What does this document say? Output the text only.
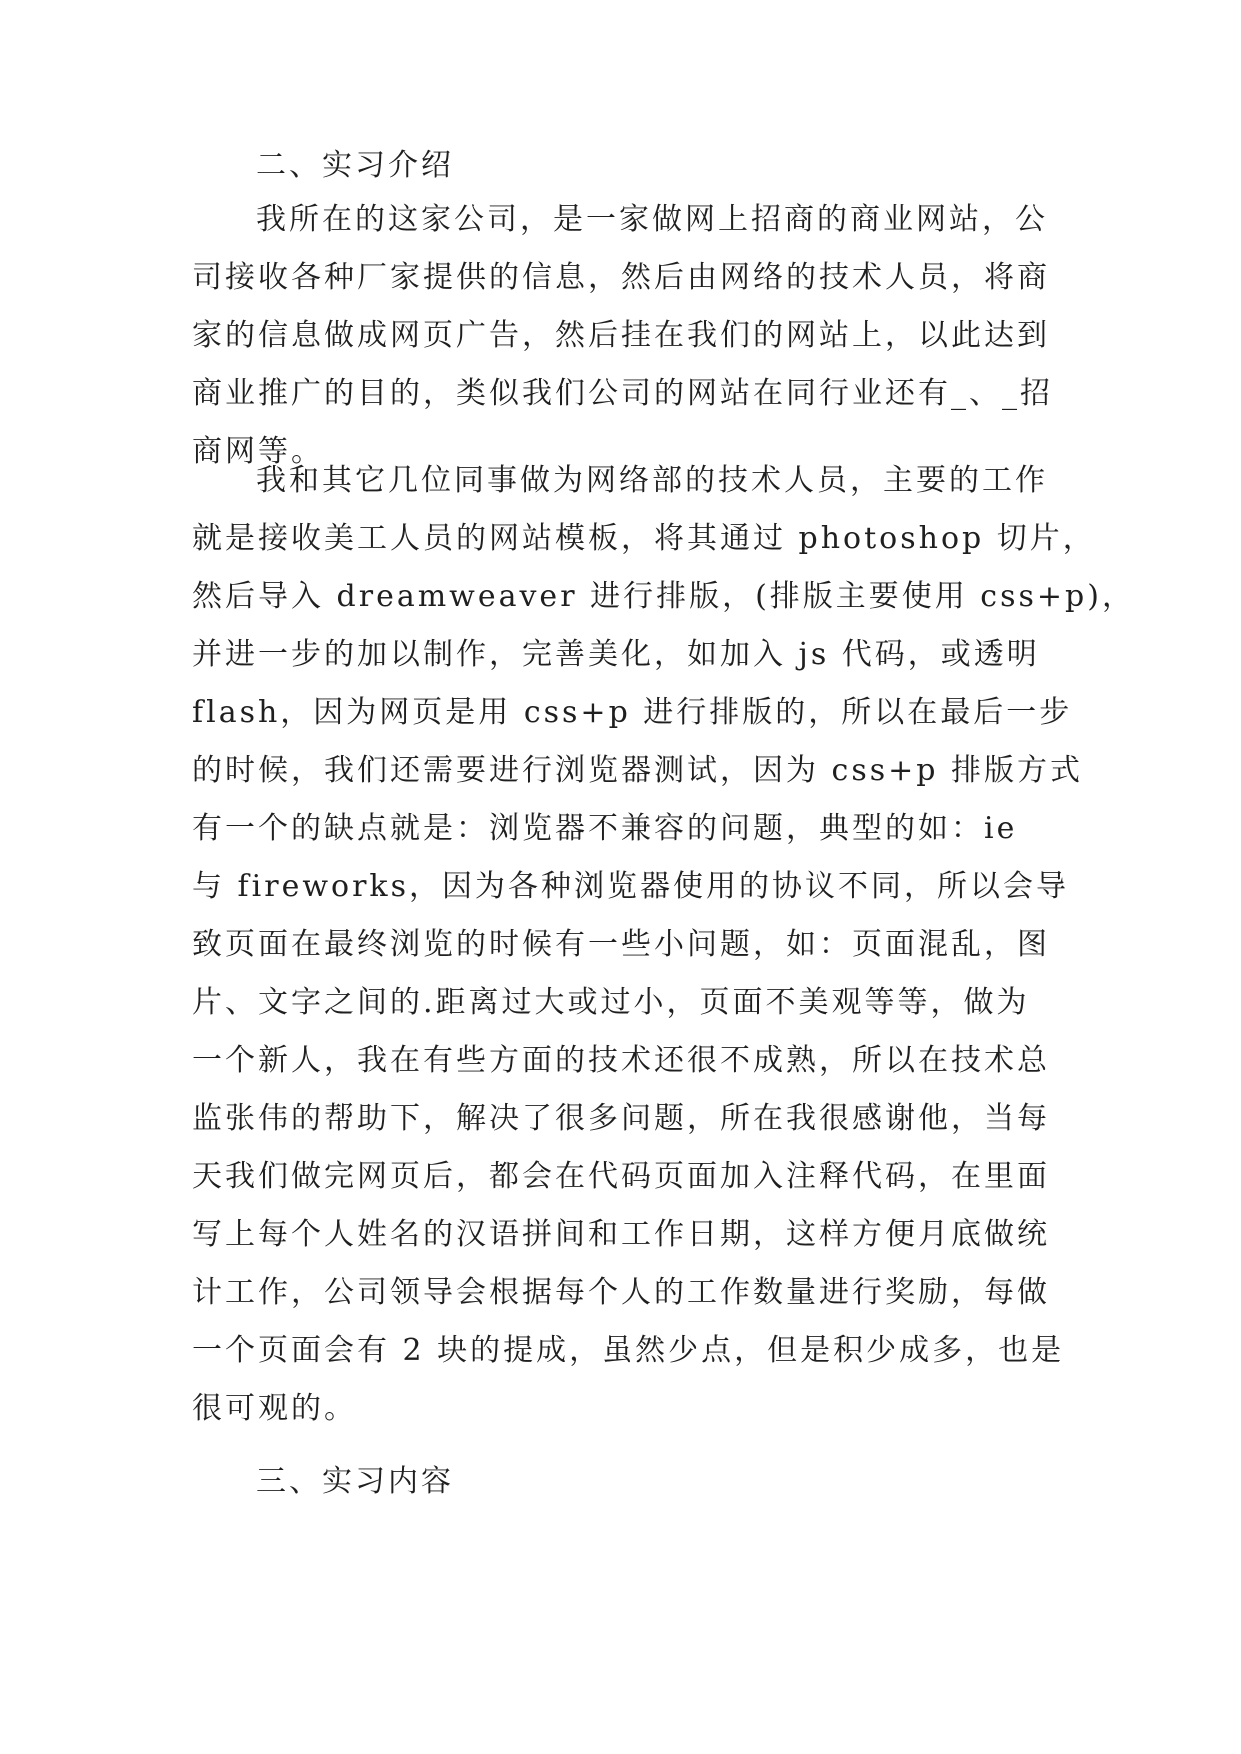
二、实习介绍
我所在的这家公司，是一家做网上招商的商业网站，公
司接收各种厂家提供的信息，然后由网络的技术人员，将商
家的信息做成网页广告，然后挂在我们的网站上，以此达到
商业推广的目的，类似我们公司的网站在同行业还有_、_招
商网等。
我和其它几位同事做为网络部的技术人员，主要的工作
就是接收美工人员的网站模板，将其通过 photoshop 切片，
然后导入 dreamweaver 进行排版，(排版主要使用 css+p)，
并进一步的加以制作，完善美化，如加入 js 代码，或透明
flash，因为网页是用 css+p 进行排版的，所以在最后一步
的时候，我们还需要进行浏览器测试，因为 css+p 排版方式
有一个的缺点就是：浏览器不兼容的问题，典型的如：ie
与 fireworks，因为各种浏览器使用的协议不同，所以会导
致页面在最终浏览的时候有一些小问题，如：页面混乱，图
片、文字之间的.距离过大或过小，页面不美观等等，做为
一个新人，我在有些方面的技术还很不成熟，所以在技术总
监张伟的帮助下，解决了很多问题，所在我很感谢他，当每
天我们做完网页后，都会在代码页面加入注释代码，在里面
写上每个人姓名的汉语拼间和工作日期，这样方便月底做统
计工作，公司领导会根据每个人的工作数量进行奖励，每做
一个页面会有 2 块的提成，虽然少点，但是积少成多，也是
很可观的。
三、实习内容
